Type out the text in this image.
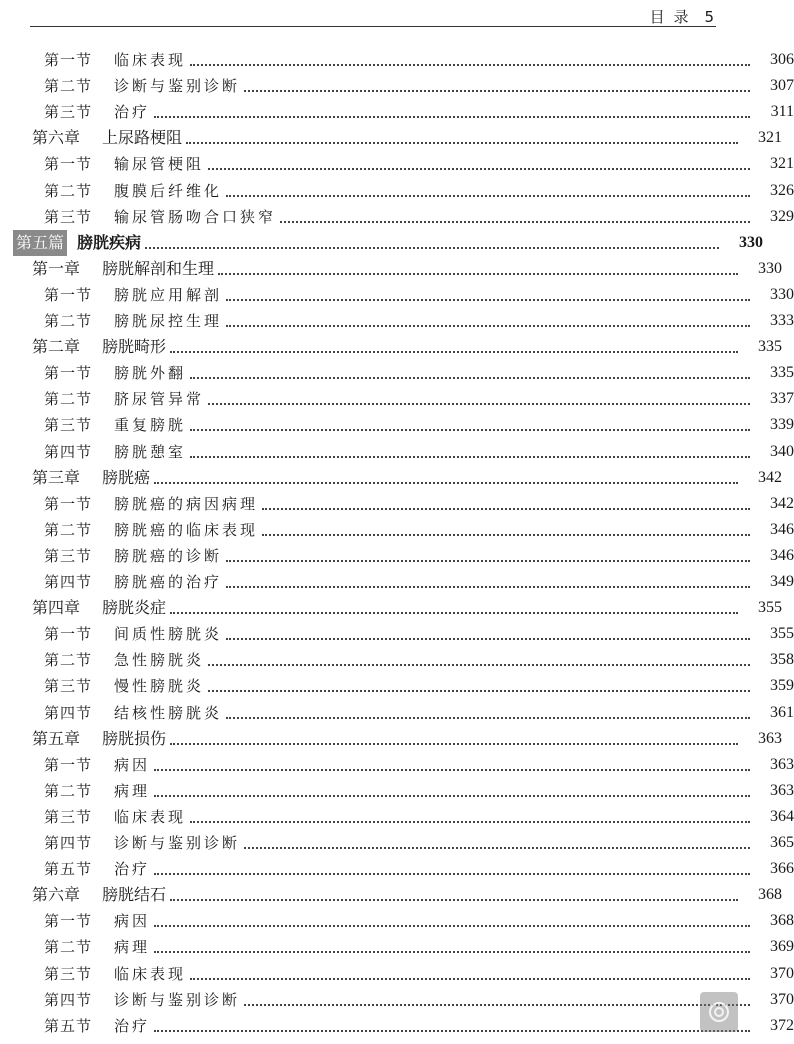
目 录 5
第一节 临床表现	306
第二节 诊断与鉴别诊断	307
第三节 治疗	311
第六章 上尿路梗阻	321
第一节 输尿管梗阻	321
第二节 腹膜后纤维化	326
第三节 输尿管肠吻合口狭窄	329
第五篇 膀胱疾病	330
第一章 膀胱解剖和生理	330
第一节 膀胱应用解剖	330
第二节 膀胱尿控生理	333
第二章 膀胱畸形	335
第一节 膀胱外翻	335
第二节 脐尿管异常	337
第三节 重复膀胱	339
第四节 膀胱憩室	340
第三章 膀胱癌	342
第一节 膀胱癌的病因病理	342
第二节 膀胱癌的临床表现	346
第三节 膀胱癌的诊断	346
第四节 膀胱癌的治疗	349
第四章 膀胱炎症	355
第一节 间质性膀胱炎	355
第二节 急性膀胱炎	358
第三节 慢性膀胱炎	359
第四节 结核性膀胱炎	361
第五章 膀胱损伤	363
第一节 病因	363
第二节 病理	363
第三节 临床表现	364
第四节 诊断与鉴别诊断	365
第五节 治疗	366
第六章 膀胱结石	368
第一节 病因	368
第二节 病理	369
第三节 临床表现	370
第四节 诊断与鉴别诊断	370
第五节 治疗	372
